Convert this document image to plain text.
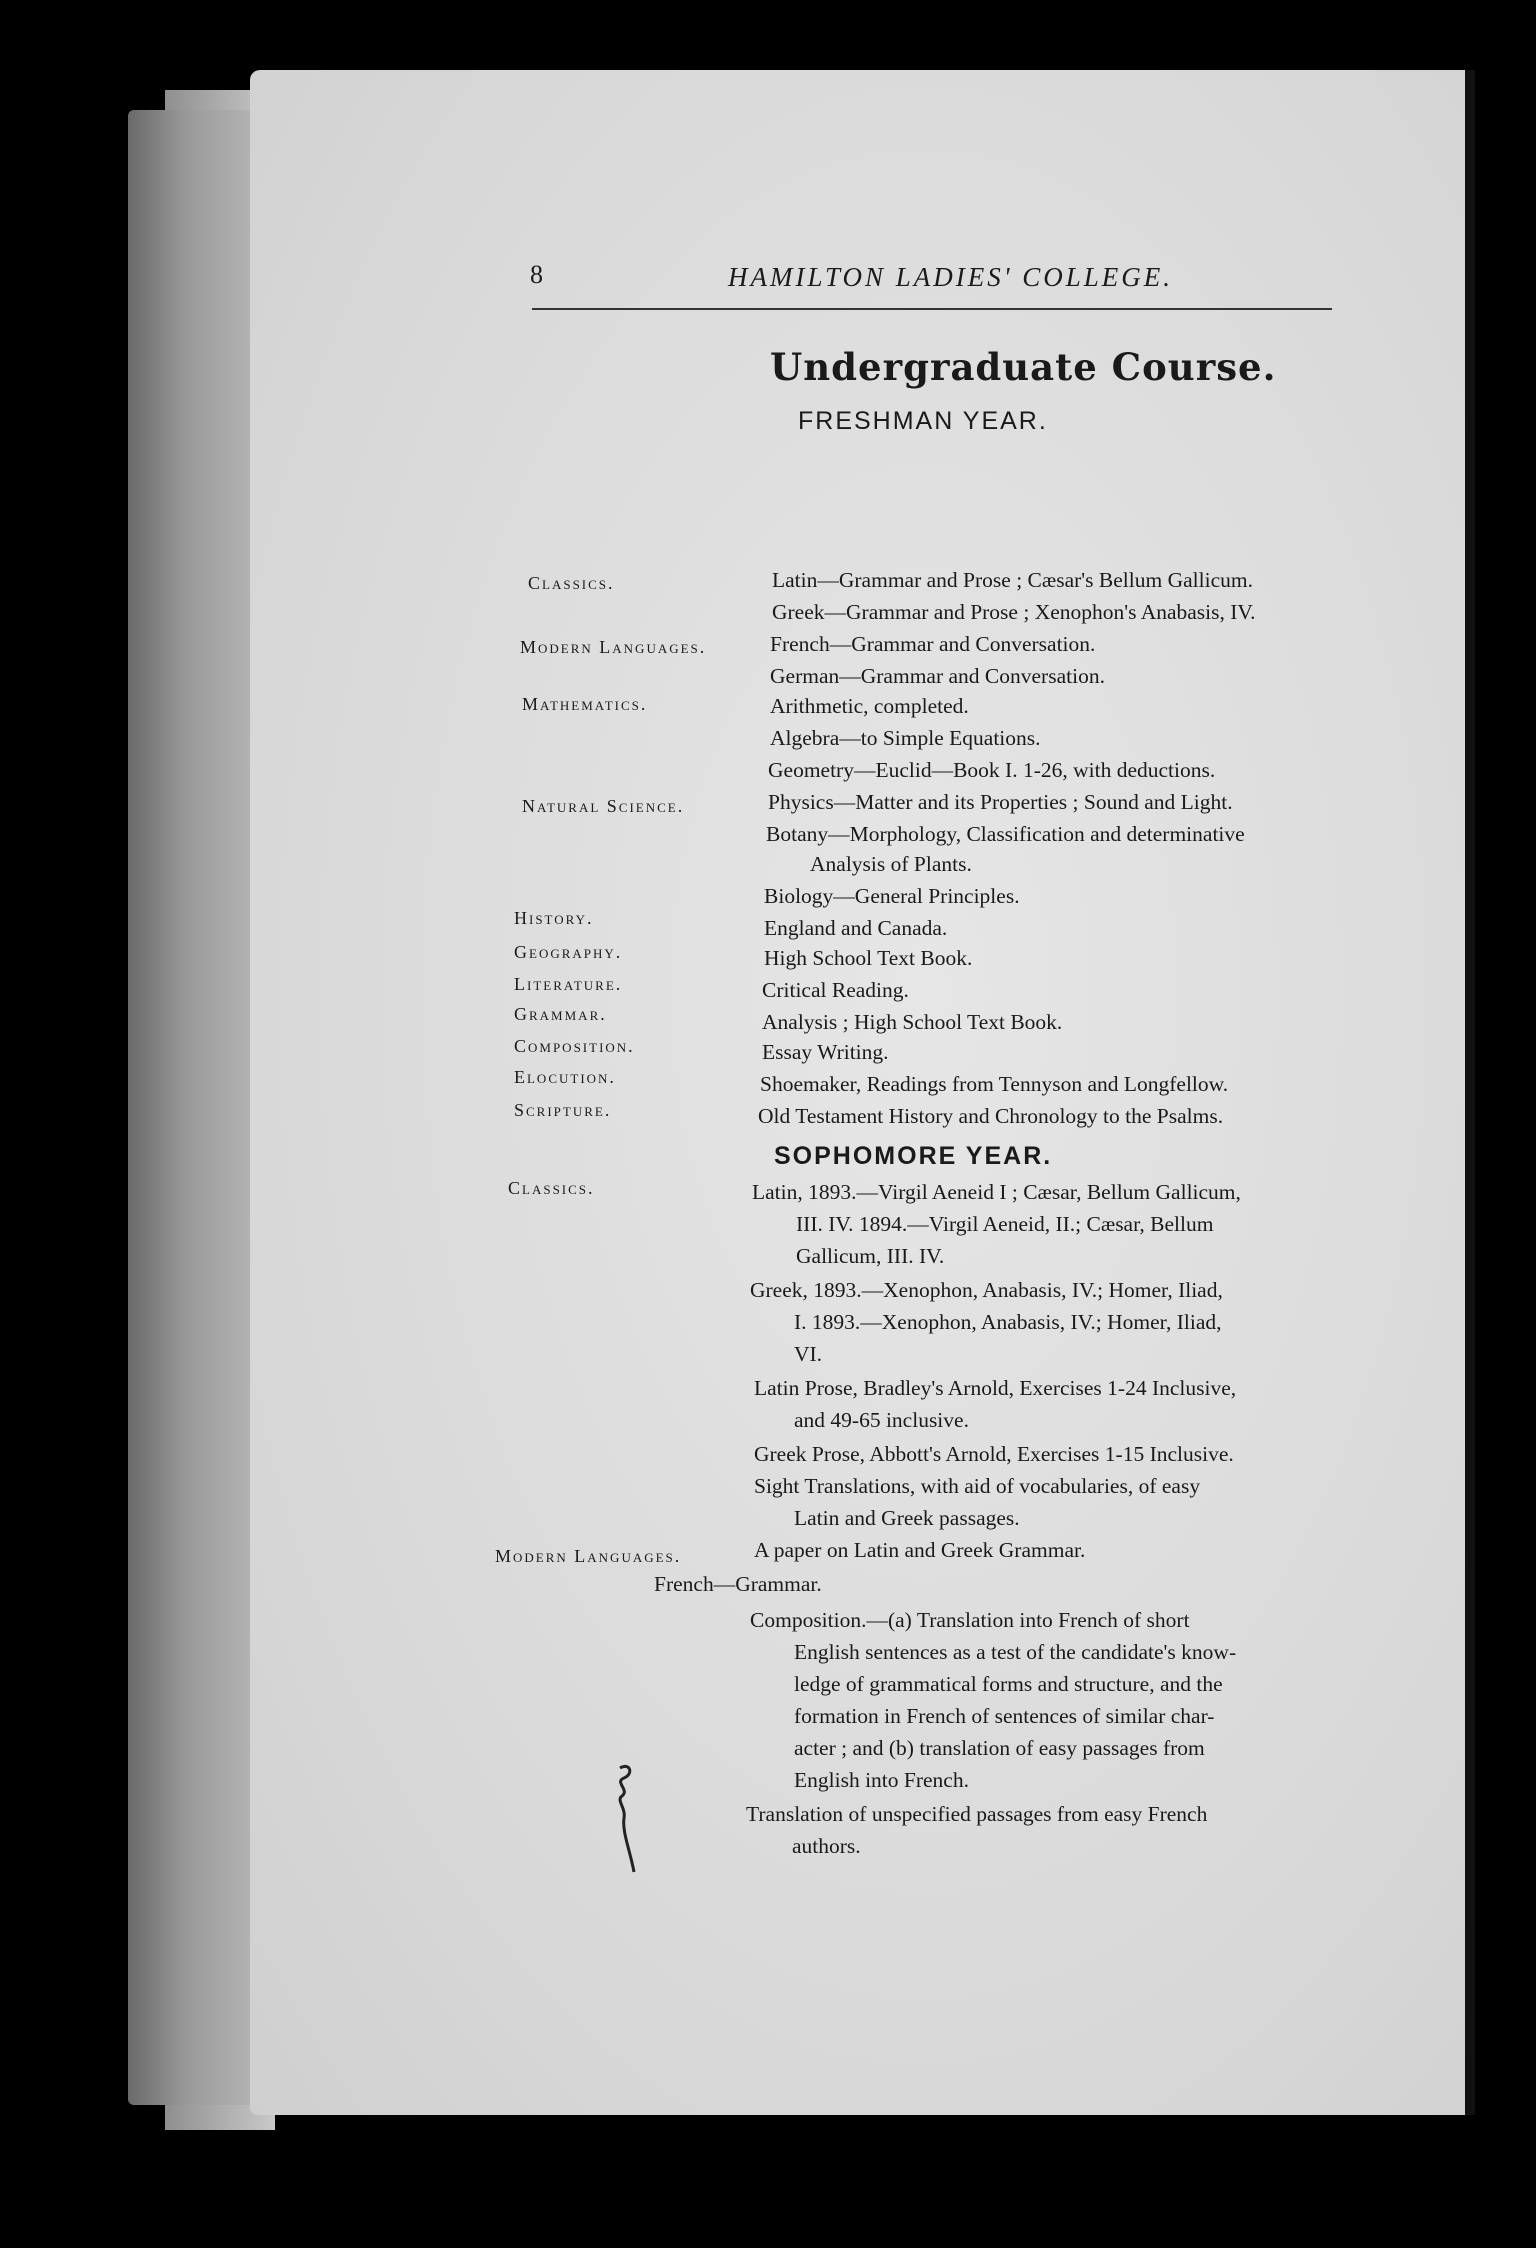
8	HAMILTON LADIES' COLLEGE.
Undergraduate Course.
FRESHMAN YEAR.
Classics.
Modern Languages.
Mathematics.
Natural Science.
History.
Geography.
Literature.
Grammar.
Composition.
Elocution.
Scripture.
Latin—Grammar and Prose ; Cæsar's Bellum Gallicum.
Greek—Grammar and Prose ; Xenophon's Anabasis, IV.
French—Grammar and Conversation.
German—Grammar and Conversation.
Arithmetic, completed.
Algebra—to Simple Equations.
Geometry—Euclid—Book I. 1-26, with deductions.
Physics—Matter and its Properties ; Sound and Light.
Botany—Morphology, Classification and determinative
Analysis of Plants.
Biology—General Principles.
England and Canada.
High School Text Book.
Critical Reading.
Analysis ; High School Text Book.
Essay Writing.
Shoemaker, Readings from Tennyson and Longfellow.
Old Testament History and Chronology to the Psalms.
SOPHOMORE YEAR.
Classics.	Latin, 1893.—Virgil Aeneid I ; Cæsar, Bellum Gallicum,
III. IV. 1894.—Virgil Aeneid, II.; Cæsar, Bellum
Gallicum, III. IV.
Greek, 1893.—Xenophon, Anabasis, IV.; Homer, Iliad,
I. 1893.—Xenophon, Anabasis, IV.; Homer, Iliad,
VI.
Latin Prose, Bradley's Arnold, Exercises 1-24 Inclusive,
and 49-65 inclusive.
Greek Prose, Abbott's Arnold, Exercises 1-15 Inclusive.
Sight Translations, with aid of vocabularies, of easy
Latin and Greek passages.
A paper on Latin and Greek Grammar.
Modern Languages.
French—Grammar.
Composition.—(a) Translation into French of short
English sentences as a test of the candidate's know-
ledge of grammatical forms and structure, and the
formation in French of sentences of similar char-
acter ; and (b) translation of easy passages from
English into French.
Translation of unspecified passages from easy French
authors.
